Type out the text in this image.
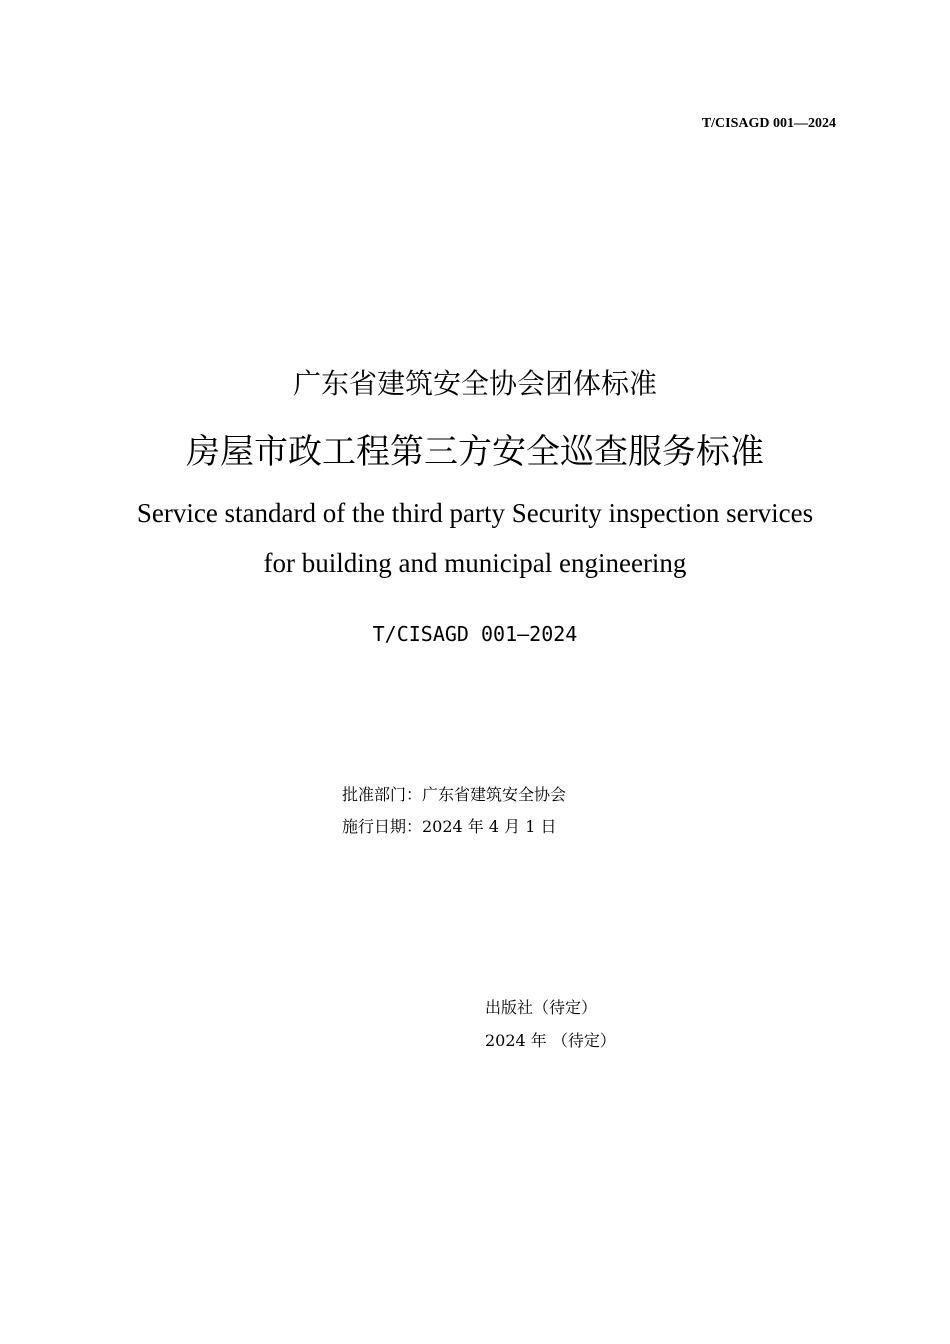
T/CISAGD 001—2024
广东省建筑安全协会团体标准
房屋市政工程第三方安全巡查服务标准
Service standard of the third party Security inspection services
for building and municipal engineering
T/CISAGD 001—2024
批准部门：广东省建筑安全协会
施行日期：2024 年 4 月 1 日
出版社（待定）
2024 年 （待定）
